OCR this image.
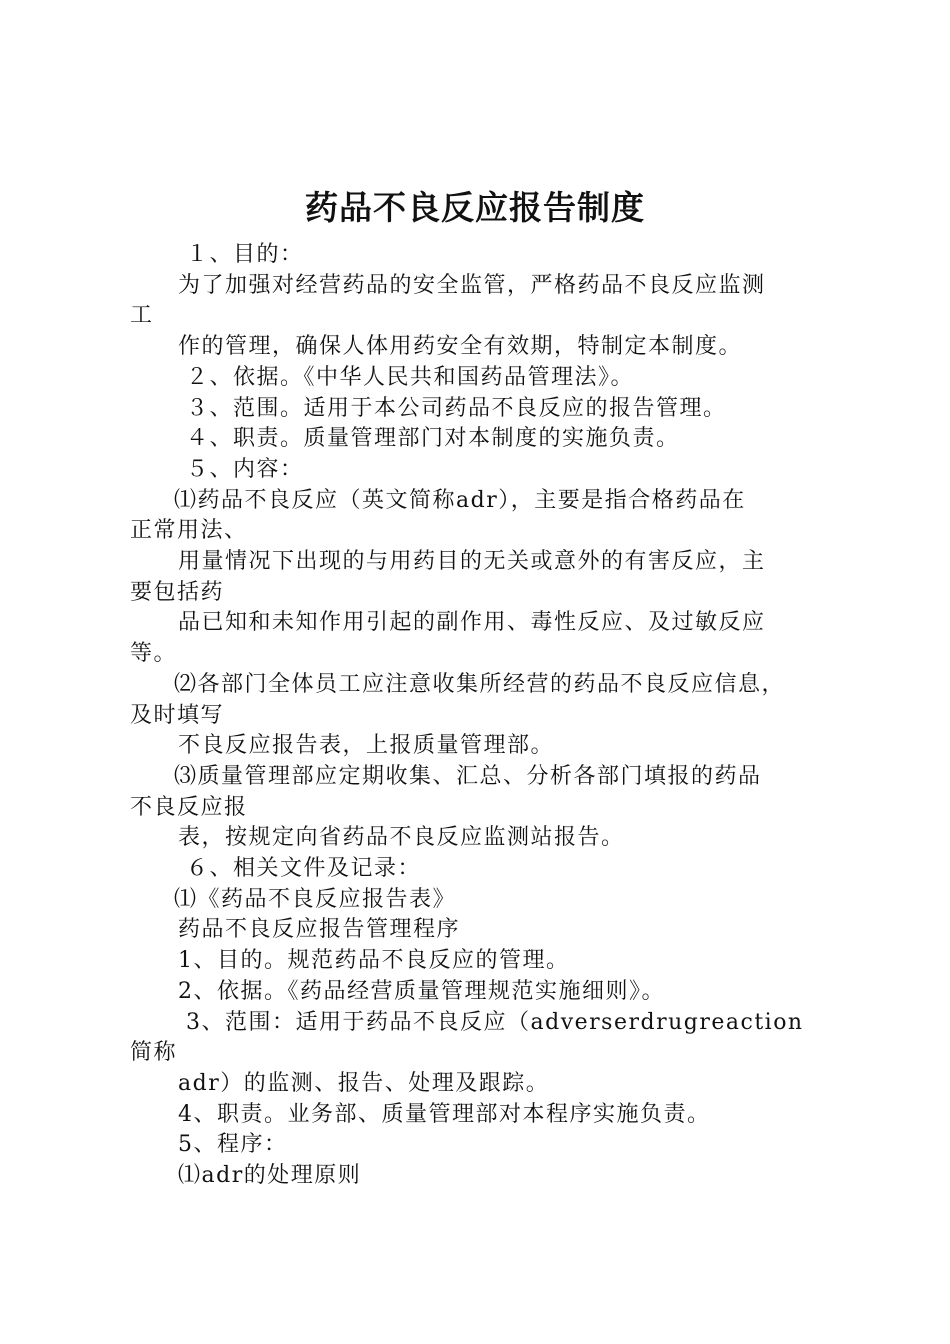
药品不良反应报告制度
１、目的：
为了加强对经营药品的安全监管，严格药品不良反应监测
工
作的管理，确保人体用药安全有效期，特制定本制度。
２、依据。《中华人民共和国药品管理法》。
３、范围。适用于本公司药品不良反应的报告管理。
４、职责。质量管理部门对本制度的实施负责。
５、内容：
⑴药品不良反应（英文简称adr），主要是指合格药品在
正常用法、
用量情况下出现的与用药目的无关或意外的有害反应，主
要包括药
品已知和未知作用引起的副作用、毒性反应、及过敏反应
等。
⑵各部门全体员工应注意收集所经营的药品不良反应信息，
及时填写
不良反应报告表，上报质量管理部。
⑶质量管理部应定期收集、汇总、分析各部门填报的药品
不良反应报
表，按规定向省药品不良反应监测站报告。
６、相关文件及记录：
⑴《药品不良反应报告表》
药品不良反应报告管理程序
1、目的。规范药品不良反应的管理。
2、依据。《药品经营质量管理规范实施细则》。
3、范围：适用于药品不良反应（adverserdrugreaction
简称
adr）的监测、报告、处理及跟踪。
4、职责。业务部、质量管理部对本程序实施负责。
5、程序：
⑴adr的处理原则
